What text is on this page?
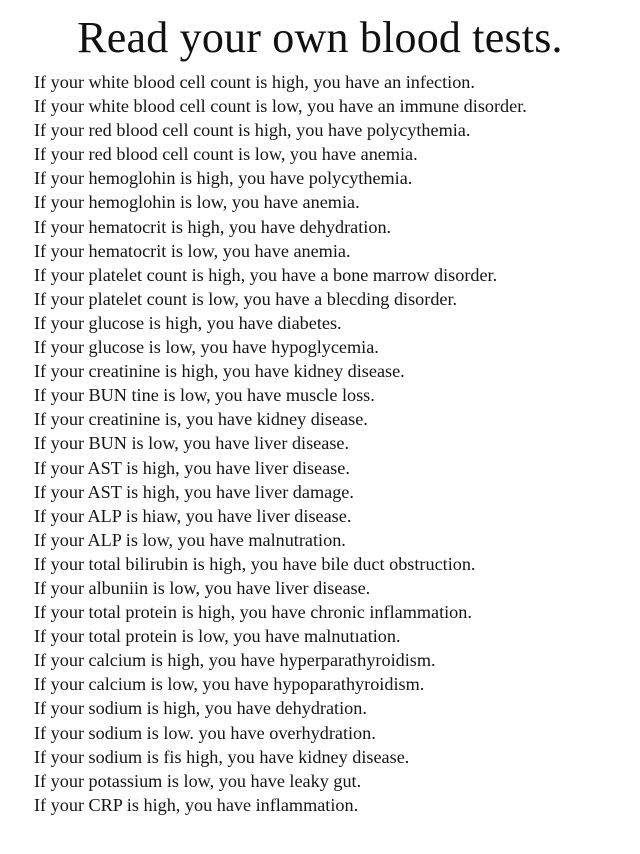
Read your own blood tests.
If your white blood cell count is high, you have an infection.
If your white blood cell count is low, you have an immune disorder.
If your red blood cell count is high, you have polycythemia.
If your red blood cell count is low, you have anemia.
If your hemoglohin is high, you have polycythemia.
If your hemoglohin is low, you have anemia.
If your hematocrit is high, you have dehydration.
If your hematocrit is low, you have anemia.
If your platelet count is high, you have a bone marrow disorder.
If your platelet count is low, you have a blecding disorder.
If your glucose is high, you have diabetes.
If your glucose is low, you have hypoglycemia.
If your creatinine is high, you have kidney disease.
If your BUN tine is low, you have muscle loss.
If your creatinine is, you have kidney disease.
If your BUN is low, you have liver disease.
If your AST is high, you have liver disease.
If your AST is high, you have liver damage.
If your ALP is hiaw, you have liver disease.
If your ALP is low, you have malnutration.
If your total bilirubin is high, you have bile duct obstruction.
If your albuniin is low, you have liver disease.
If your total protein is high, you have chronic inflammation.
If your total protein is low, you have malnutıation.
If your calcium is high, you have hyperparathyroidism.
If your calcium is low, you have hypoparathyroidism.
If your sodium is high, you have dehydration.
If your sodium is low. you have overhydration.
If your sodium is fis high, you have kidney disease.
If your potassium is low, you have leaky gut.
If your CRP is high, you have inflammation.
